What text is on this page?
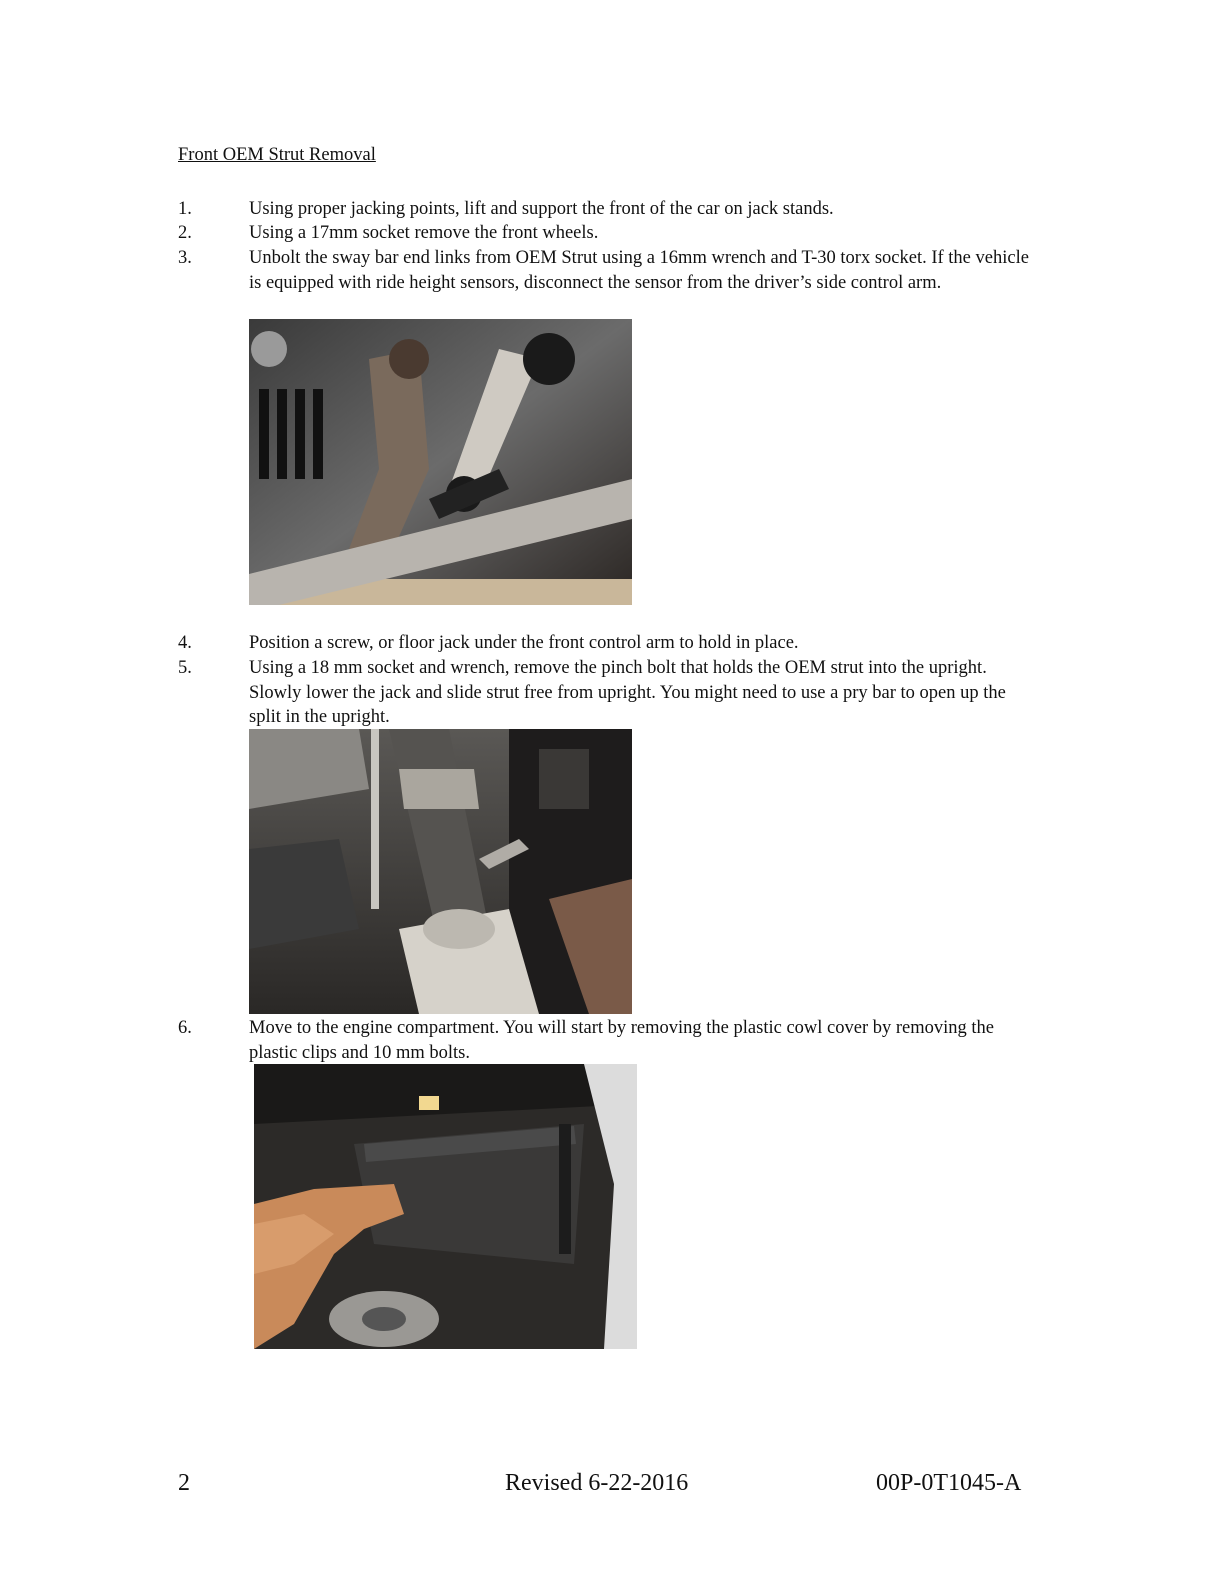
Front OEM Strut Removal
1.	Using proper jacking points, lift and support the front of the car on jack stands.
2.	Using a 17mm socket remove the front wheels.
3.	Unbolt the sway bar end links from OEM Strut using a 16mm wrench and T-30 torx socket. If the vehicle is equipped with ride height sensors, disconnect the sensor from the driver’s side control arm.
4.	Position a screw, or floor jack under the front control arm to hold in place.
5.	Using a 18 mm socket and wrench, remove the pinch bolt that holds the OEM strut into the upright. Slowly lower the jack and slide strut free from upright. You might need to use a pry bar to open up the split in the upright.
6.	Move to the engine compartment. You will start by removing the plastic cowl cover by removing the plastic clips and 10 mm bolts.
2	Revised 6-22-2016	00P-0T1045-A
